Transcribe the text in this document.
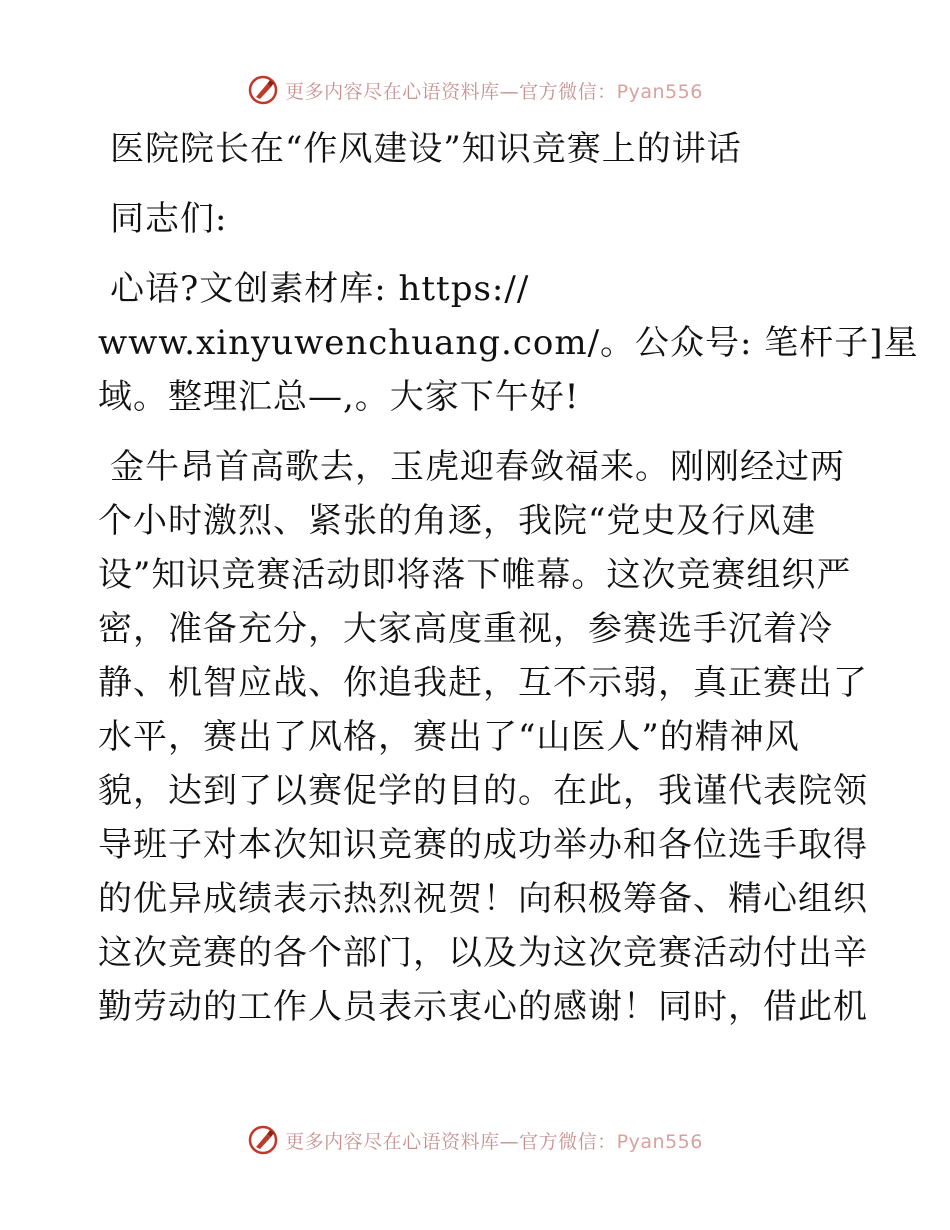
更多内容尽在心语资料库—官方微信：Pyan556
医院院长在“作风建设”知识竞赛上的讲话
同志们:
心语?文创素材库: https://
www.xinyuwenchuang.com/。公众号: 笔杆子]星
域。整理汇总—,。大家下午好!
金牛昂首高歌去，玉虎迎春敛福来。刚刚经过两
个小时激烈、紧张的角逐，我院“党史及行风建
设”知识竞赛活动即将落下帷幕。这次竞赛组织严
密，准备充分，大家高度重视，参赛选手沉着冷
静、机智应战、你追我赶，互不示弱，真正赛出了
水平，赛出了风格，赛出了“山医人”的精神风
貌，达到了以赛促学的目的。在此，我谨代表院领
导班子对本次知识竞赛的成功举办和各位选手取得
的优异成绩表示热烈祝贺！向积极筹备、精心组织
这次竞赛的各个部门，以及为这次竞赛活动付出辛
勤劳动的工作人员表示衷心的感谢！同时，借此机
更多内容尽在心语资料库—官方微信：Pyan556
